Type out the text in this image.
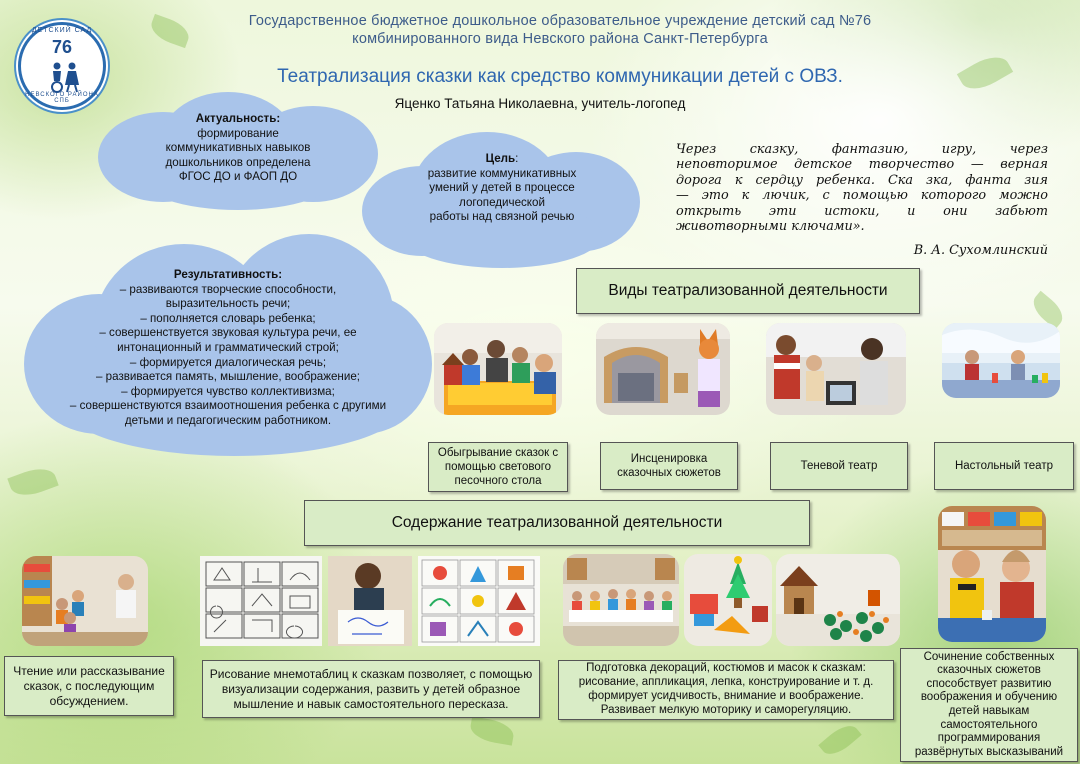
ДЕТСКИЙ САД
76
НЕВСКОГО РАЙОНА СПБ
Государственное бюджетное дошкольное образовательное учреждение детский сад №76
комбинированного вида Невского района Санкт-Петербурга
Театрализация сказки как средство коммуникации детей с ОВЗ.
Яценко Татьяна Николаевна, учитель-логопед
Актуальность:
формирование
коммуникативных навыков
дошкольников определена
ФГОС ДО и ФАОП ДО
Цель:
развитие коммуникативных
умений у детей в процессе
логопедической
работы над связной речью
Результативность:
– развиваются творческие способности,
выразительность речи;
– пополняется словарь ребенка;
– совершенствуется звуковая культура речи, ее
интонационный и грамматический строй;
– формируется диалогическая речь;
– развивается память, мышление, воображение;
– формируется чувство коллективизма;
– совершенствуются взаимоотношения ребенка с другими
детьми и педагогическим работником.
Через сказку, фантазию, игру, через
неповторимое детское творчество — верная
дорога к сердцу ребенка. Ска зка, фанта зия
— это к лючик, с помощью которого можно
открыть эти истоки, и они забьют
животворными ключами».
В. А. Сухомлинский
Виды театрализованной деятельности
Обыгрывание сказок с
помощью светового
песочного стола
Инсценировка
сказочных сюжетов
Теневой театр	Настольный театр
Содержание театрализованной деятельности
Чтение или рассказывание
сказок, с последующим
обсуждением.
Рисование мнемотаблиц к сказкам позволяет, с помощью
визуализации содержания, развить у детей образное
мышление и навык самостоятельного пересказа.
Подготовка декораций, костюмов и масок к сказкам:
рисование, аппликация, лепка, конструирование и т. д.
формирует усидчивость, внимание и воображение.
Развивает мелкую моторику и саморегуляцию.
Сочинение собственных
сказочных сюжетов
способствует развитию
воображения и обучению
детей навыкам
самостоятельного
программирования
развёрнутых высказываний
